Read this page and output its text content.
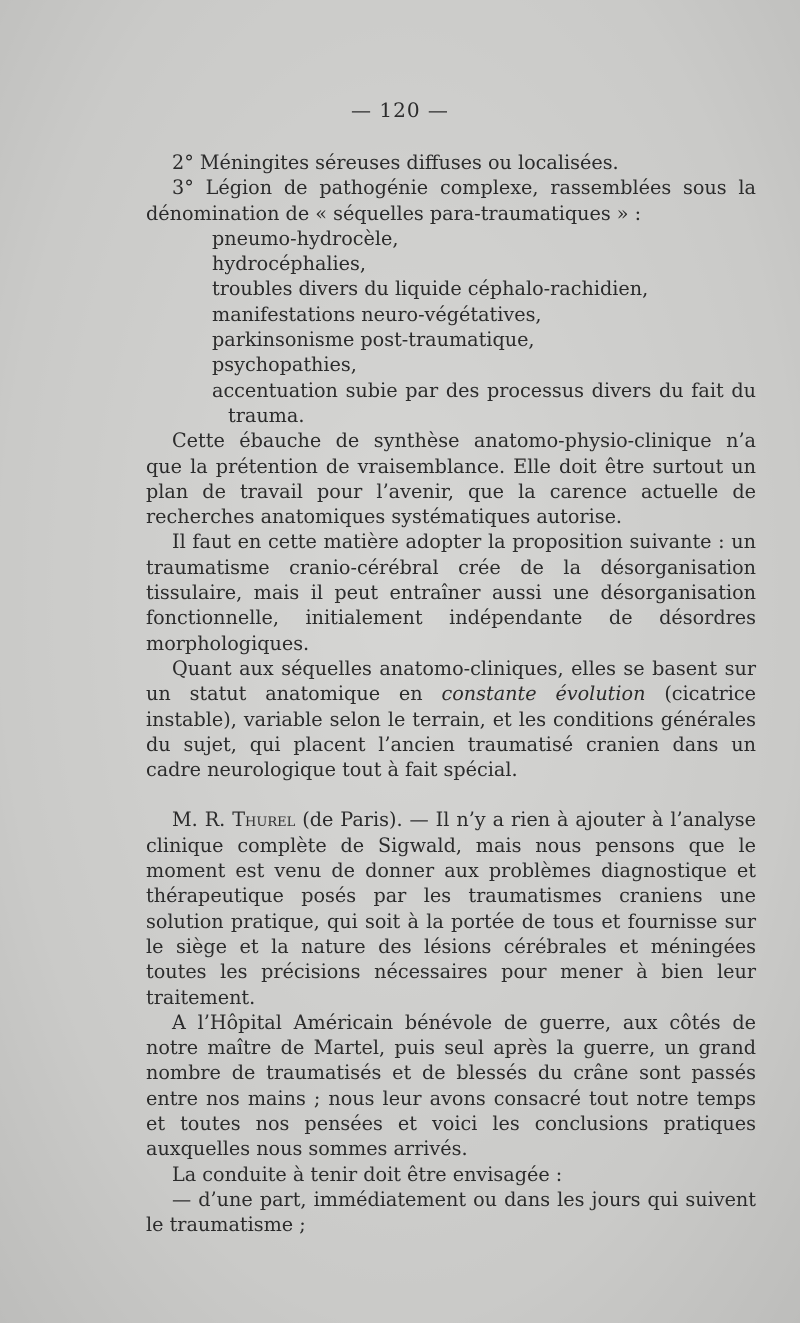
— 120 —

2° Méningites séreuses diffuses ou localisées.

3° Légion de pathogénie complexe, rassemblées sous la dénomination de « séquelles para-traumatiques » :

pneumo-hydrocèle,

hydrocéphalies,

troubles divers du liquide céphalo-rachidien,

manifestations neuro-végétatives,

parkinsonisme post-traumatique,

psychopathies,

accentuation subie par des processus divers du fait du trauma.

Cette ébauche de synthèse anatomo-physio-clinique n’a que la prétention de vraisemblance. Elle doit être surtout un plan de travail pour l’avenir, que la carence actuelle de recherches anatomiques systématiques autorise.

Il faut en cette matière adopter la proposition suivante : un traumatisme cranio-cérébral crée de la désorganisation tissulaire, mais il peut entraîner aussi une désorganisation fonctionnelle, initialement indépendante de désordres morphologiques.

Quant aux séquelles anatomo-cliniques, elles se basent sur un statut anatomique en constante évolution (cicatrice instable), variable selon le terrain, et les conditions générales du sujet, qui placent l’ancien traumatisé cranien dans un cadre neurologique tout à fait spécial.

M. R. Thurel (de Paris). — Il n’y a rien à ajouter à l’analyse clinique complète de Sigwald, mais nous pensons que le moment est venu de donner aux problèmes diagnostique et thérapeutique posés par les traumatismes craniens une solution pratique, qui soit à la portée de tous et fournisse sur le siège et la nature des lésions cérébrales et méningées toutes les précisions nécessaires pour mener à bien leur traitement.

A l’Hôpital Américain bénévole de guerre, aux côtés de notre maître de Martel, puis seul après la guerre, un grand nombre de traumatisés et de blessés du crâne sont passés entre nos mains ; nous leur avons consacré tout notre temps et toutes nos pensées et voici les conclusions pratiques auxquelles nous sommes arrivés.

La conduite à tenir doit être envisagée :

— d’une part, immédiatement ou dans les jours qui suivent le traumatisme ;
